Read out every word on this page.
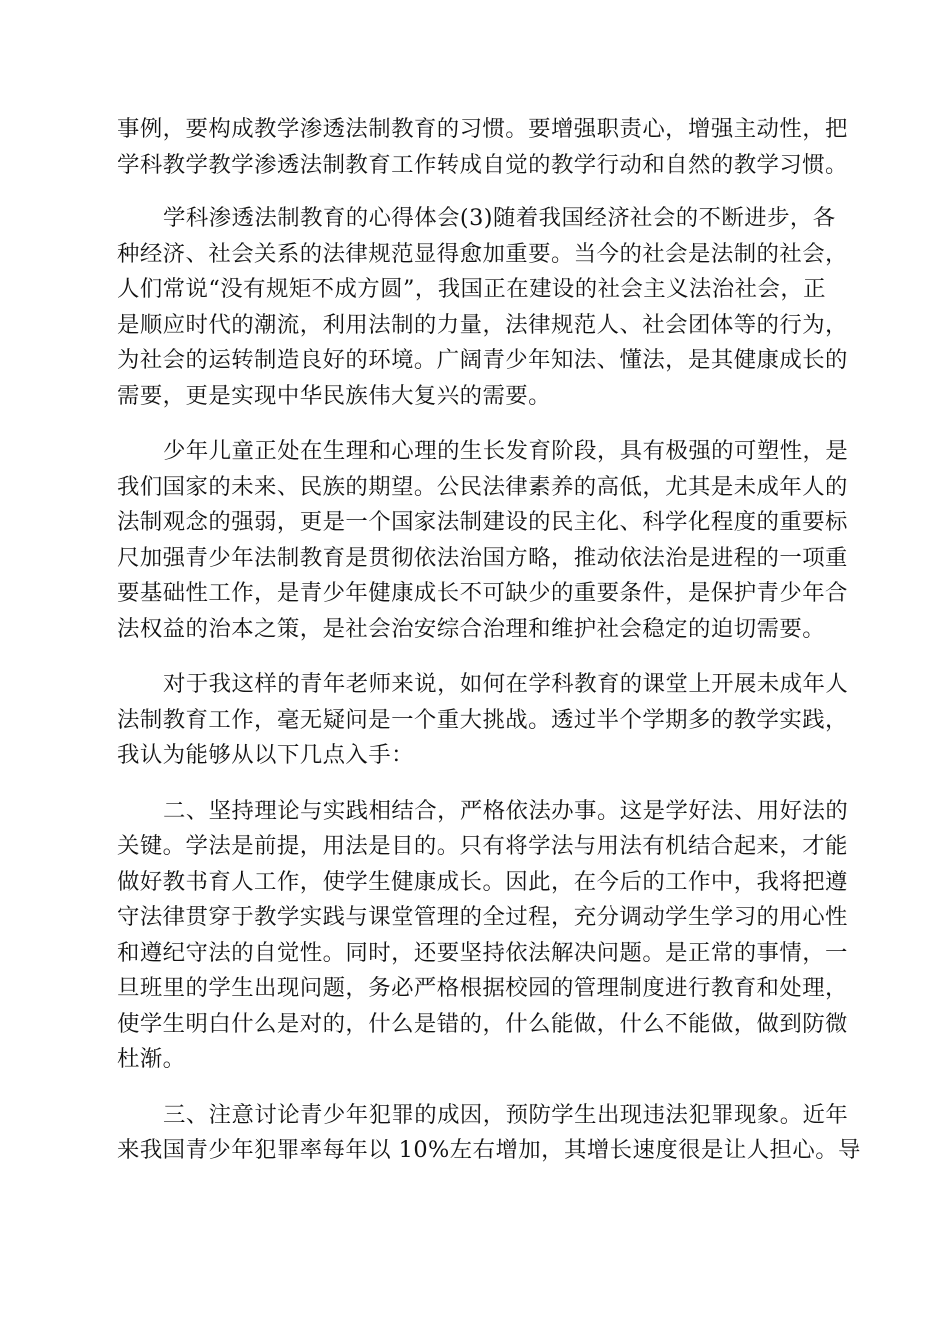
事例，要构成教学渗透法制教育的习惯。要增强职责心，增强主动性，把
学科教学教学渗透法制教育工作转成自觉的教学行动和自然的教学习惯。
学科渗透法制教育的心得体会(3)随着我国经济社会的不断进步，各
种经济、社会关系的法律规范显得愈加重要。当今的社会是法制的社会，
人们常说“没有规矩不成方圆”，我国正在建设的社会主义法治社会，正
是顺应时代的潮流，利用法制的力量，法律规范人、社会团体等的行为，
为社会的运转制造良好的环境。广阔青少年知法、懂法，是其健康成长的
需要，更是实现中华民族伟大复兴的需要。
少年儿童正处在生理和心理的生长发育阶段，具有极强的可塑性，是
我们国家的未来、民族的期望。公民法律素养的高低，尤其是未成年人的
法制观念的强弱，更是一个国家法制建设的民主化、科学化程度的重要标
尺加强青少年法制教育是贯彻依法治国方略，推动依法治是进程的一项重
要基础性工作，是青少年健康成长不可缺少的重要条件，是保护青少年合
法权益的治本之策，是社会治安综合治理和维护社会稳定的迫切需要。
对于我这样的青年老师来说，如何在学科教育的课堂上开展未成年人
法制教育工作，毫无疑问是一个重大挑战。透过半个学期多的教学实践，
我认为能够从以下几点入手：
二、坚持理论与实践相结合，严格依法办事。这是学好法、用好法的
关键。学法是前提，用法是目的。只有将学法与用法有机结合起来，才能
做好教书育人工作，使学生健康成长。因此，在今后的工作中，我将把遵
守法律贯穿于教学实践与课堂管理的全过程，充分调动学生学习的用心性
和遵纪守法的自觉性。同时，还要坚持依法解决问题。是正常的事情，一
旦班里的学生出现问题，务必严格根据校园的管理制度进行教育和处理，
使学生明白什么是对的，什么是错的，什么能做，什么不能做，做到防微
杜渐。
三、注意讨论青少年犯罪的成因，预防学生出现违法犯罪现象。近年
来我国青少年犯罪率每年以 10%左右增加，其增长速度很是让人担心。导
